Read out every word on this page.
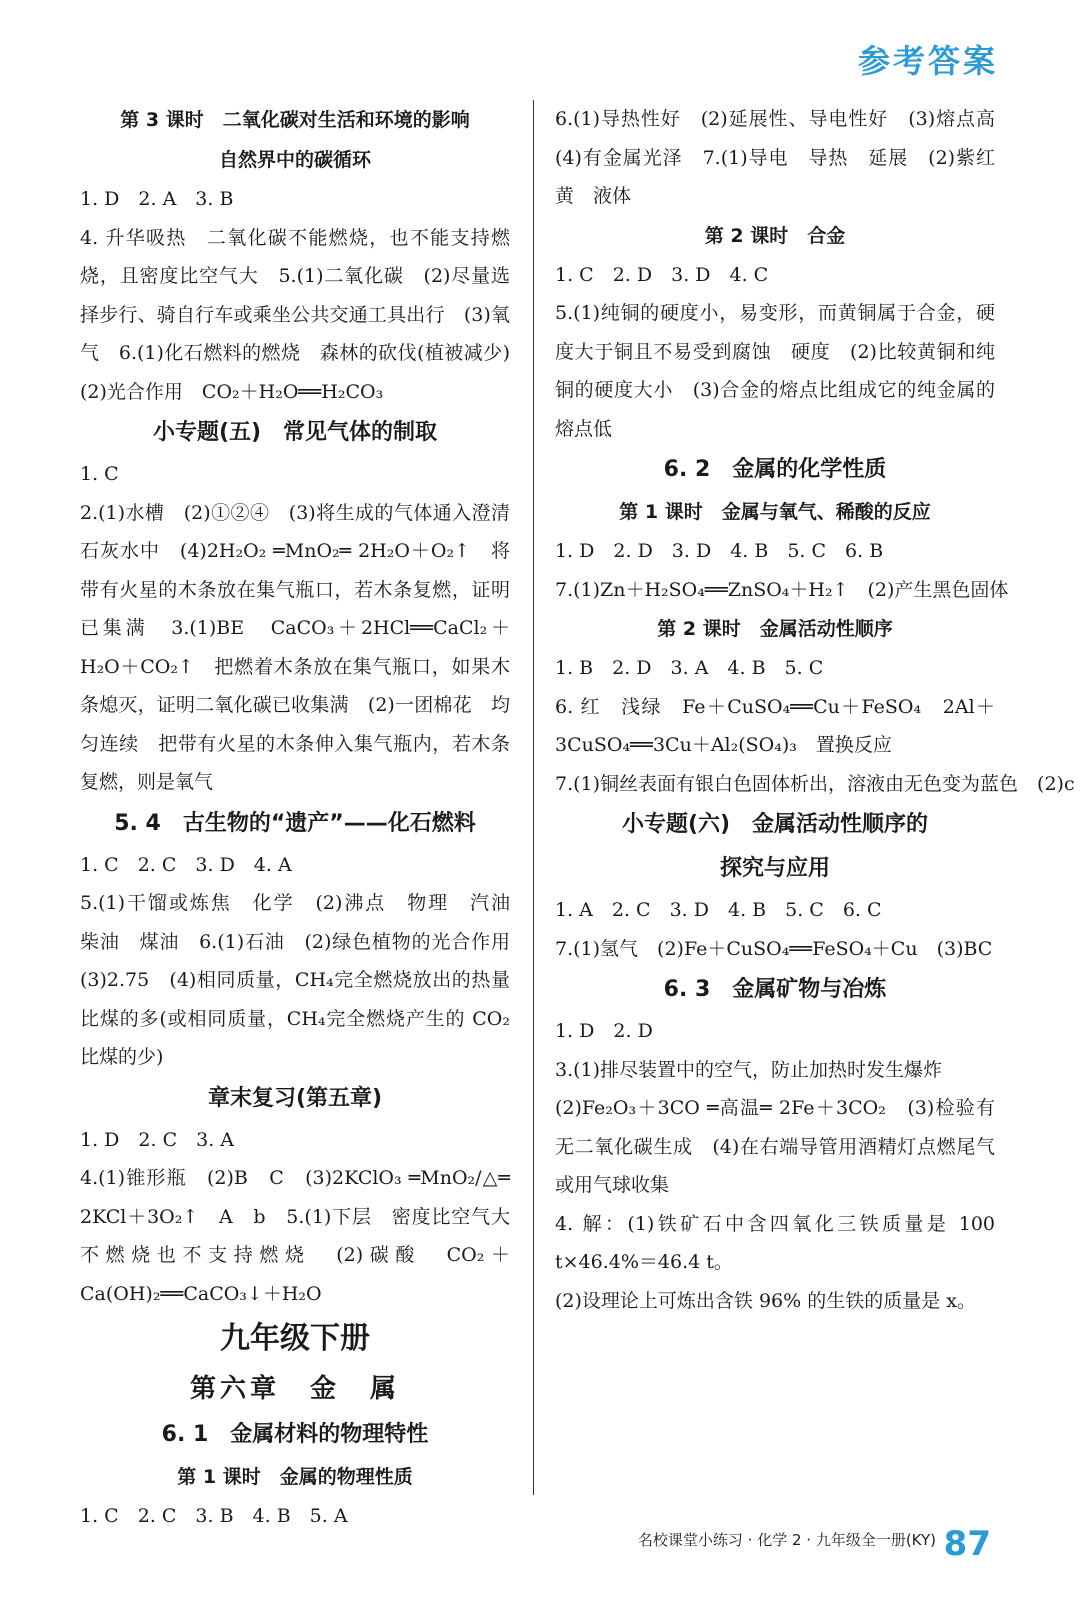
参考答案
第 3 课时　二氧化碳对生活和环境的影响
自然界中的碳循环

1. D　2. A　3. B

4. 升华吸热　二氧化碳不能燃烧，也不能支持燃烧，且密度比空气大　5.(1)二氧化碳　(2)尽量选择步行、骑自行车或乘坐公共交通工具出行　(3)氧气　6.(1)化石燃料的燃烧　森林的砍伐(植被减少)　(2)光合作用　CO₂＋H₂O══H₂CO₃

小专题(五)　常见气体的制取

1. C

2.(1)水槽　(2)①②④　(3)将生成的气体通入澄清石灰水中　(4)2H₂O₂ ═MnO₂═ 2H₂O＋O₂↑　将带有火星的木条放在集气瓶口，若木条复燃，证明已集满　3.(1)BE　CaCO₃＋2HCl══CaCl₂＋H₂O＋CO₂↑　把燃着木条放在集气瓶口，如果木条熄灭，证明二氧化碳已收集满　(2)一团棉花　均匀连续　把带有火星的木条伸入集气瓶内，若木条复燃，则是氧气

5. 4　古生物的“遗产”——化石燃料

1. C　2. C　3. D　4. A

5.(1)干馏或炼焦　化学　(2)沸点　物理　汽油　柴油　煤油　6.(1)石油　(2)绿色植物的光合作用　(3)2.75　(4)相同质量，CH₄完全燃烧放出的热量比煤的多(或相同质量，CH₄完全燃烧产生的 CO₂ 比煤的少)

章末复习(第五章)

1. D　2. C　3. A

4.(1)锥形瓶　(2)B　C　(3)2KClO₃ ═MnO₂/△═ 2KCl＋3O₂↑　A　b　5.(1)下层　密度比空气大　不燃烧也不支持燃烧　(2)碳酸　CO₂＋Ca(OH)₂══CaCO₃↓＋H₂O

九年级下册
第六章　金　属
6. 1　金属材料的物理特性
第 1 课时　金属的物理性质

1. C　2. C　3. B　4. B　5. A

6.(1)导热性好　(2)延展性、导电性好　(3)熔点高　(4)有金属光泽　7.(1)导电　导热　延展　(2)紫红　黄　液体

第 2 课时　合金

1. C　2. D　3. D　4. C

5.(1)纯铜的硬度小，易变形，而黄铜属于合金，硬度大于铜且不易受到腐蚀　硬度　(2)比较黄铜和纯铜的硬度大小　(3)合金的熔点比组成它的纯金属的熔点低

6. 2　金属的化学性质
第 1 课时　金属与氧气、稀酸的反应

1. D　2. D　3. D　4. B　5. C　6. B

7.(1)Zn＋H₂SO₄══ZnSO₄＋H₂↑　(2)产生黑色固体

第 2 课时　金属活动性顺序

1. B　2. D　3. A　4. B　5. C

6. 红　浅绿　Fe＋CuSO₄══Cu＋FeSO₄　2Al＋3CuSO₄══3Cu＋Al₂(SO₄)₃　置换反应

7.(1)铜丝表面有银白色固体析出，溶液由无色变为蓝色　(2)c

小专题(六)　金属活动性顺序的
探究与应用

1. A　2. C　3. D　4. B　5. C　6. C

7.(1)氢气　(2)Fe＋CuSO₄══FeSO₄＋Cu　(3)BC

6. 3　金属矿物与冶炼

1. D　2. D

3.(1)排尽装置中的空气，防止加热时发生爆炸

(2)Fe₂O₃＋3CO ═高温═ 2Fe＋3CO₂　(3)检验有无二氧化碳生成　(4)在右端导管用酒精灯点燃尾气或用气球收集

4. 解：(1)铁矿石中含四氧化三铁质量是 100 t×46.4%＝46.4 t。

(2)设理论上可炼出含铁 96% 的生铁的质量是 x。

名校课堂小练习 · 化学 2 · 九年级全一册(KY) 87
